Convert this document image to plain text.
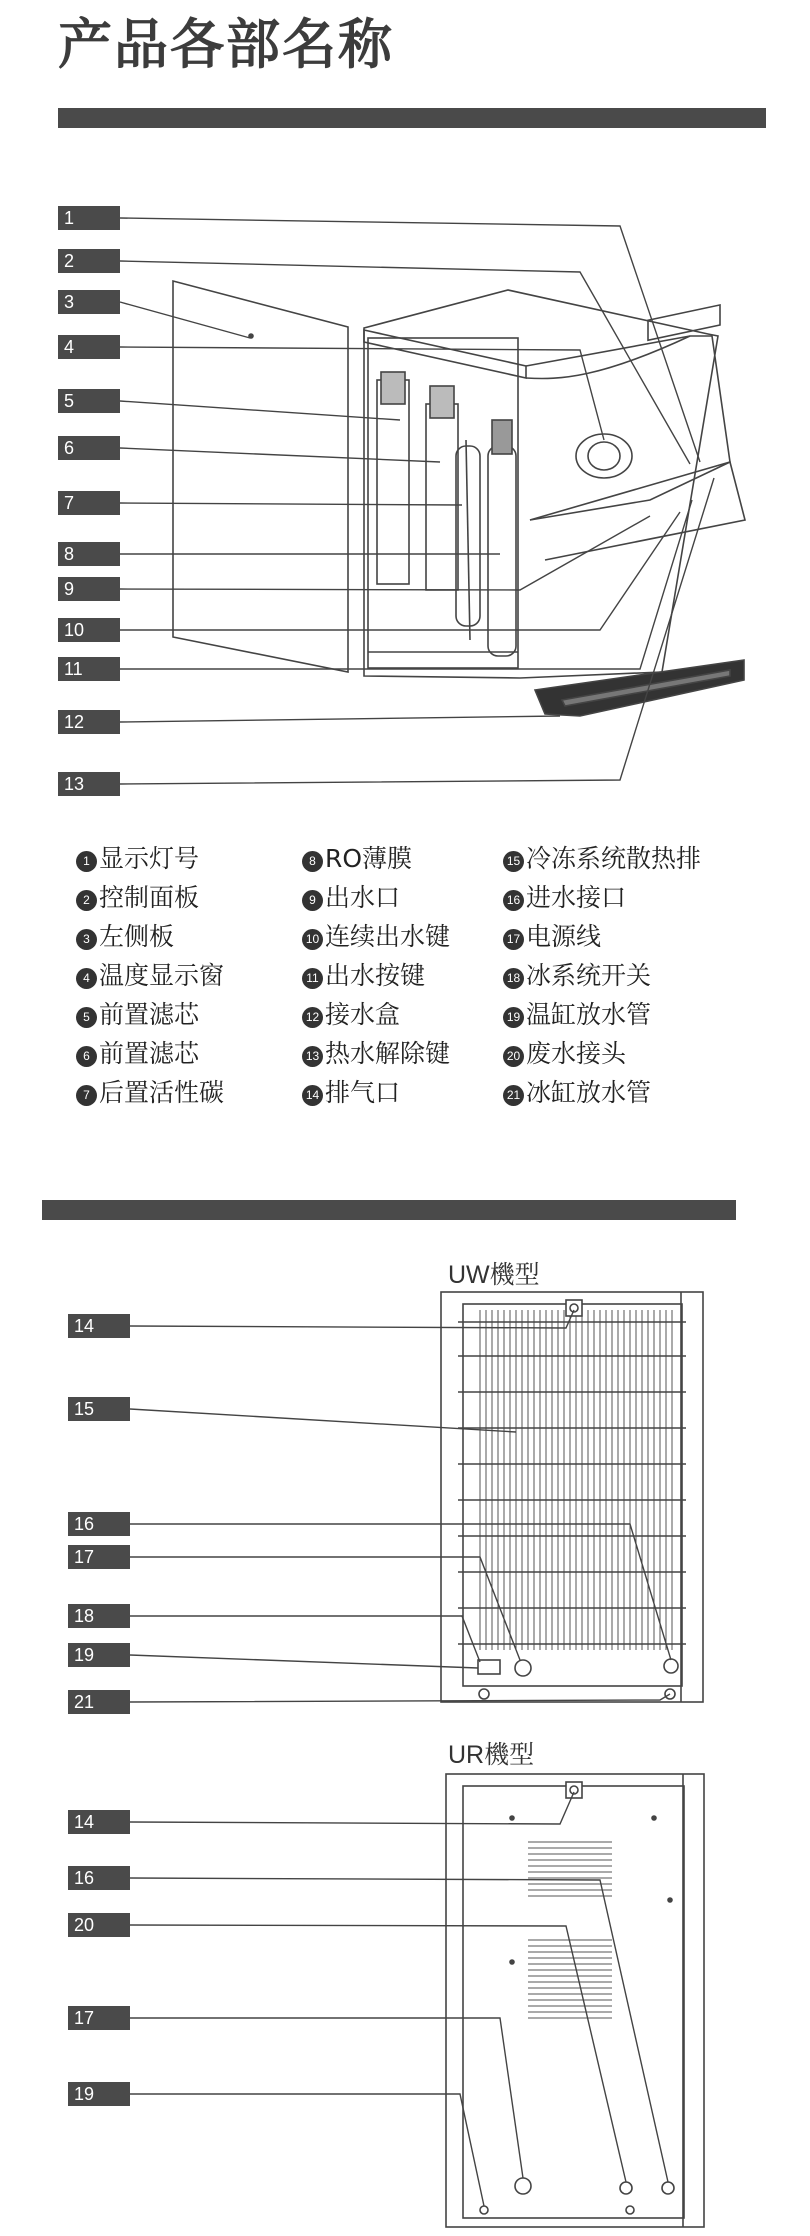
产品各部名称
1
2
3
4
5
6
7
8
9
10
11
12
13
1 显示灯号
2 控制面板
3 左侧板
4 温度显示窗
5 前置滤芯
6 前置滤芯
7 后置活性碳
8 RO薄膜
9 出水口
10 连续出水键
11 出水按键
12 接水盒
13 热水解除键
14 排气口
15 冷冻系统散热排
16 进水接口
17 电源线
18 冰系统开关
19 温缸放水管
20 废水接头
21 冰缸放水管
UW機型
14
15
16
17
18
19
21
UR機型
14
16
20
17
19
